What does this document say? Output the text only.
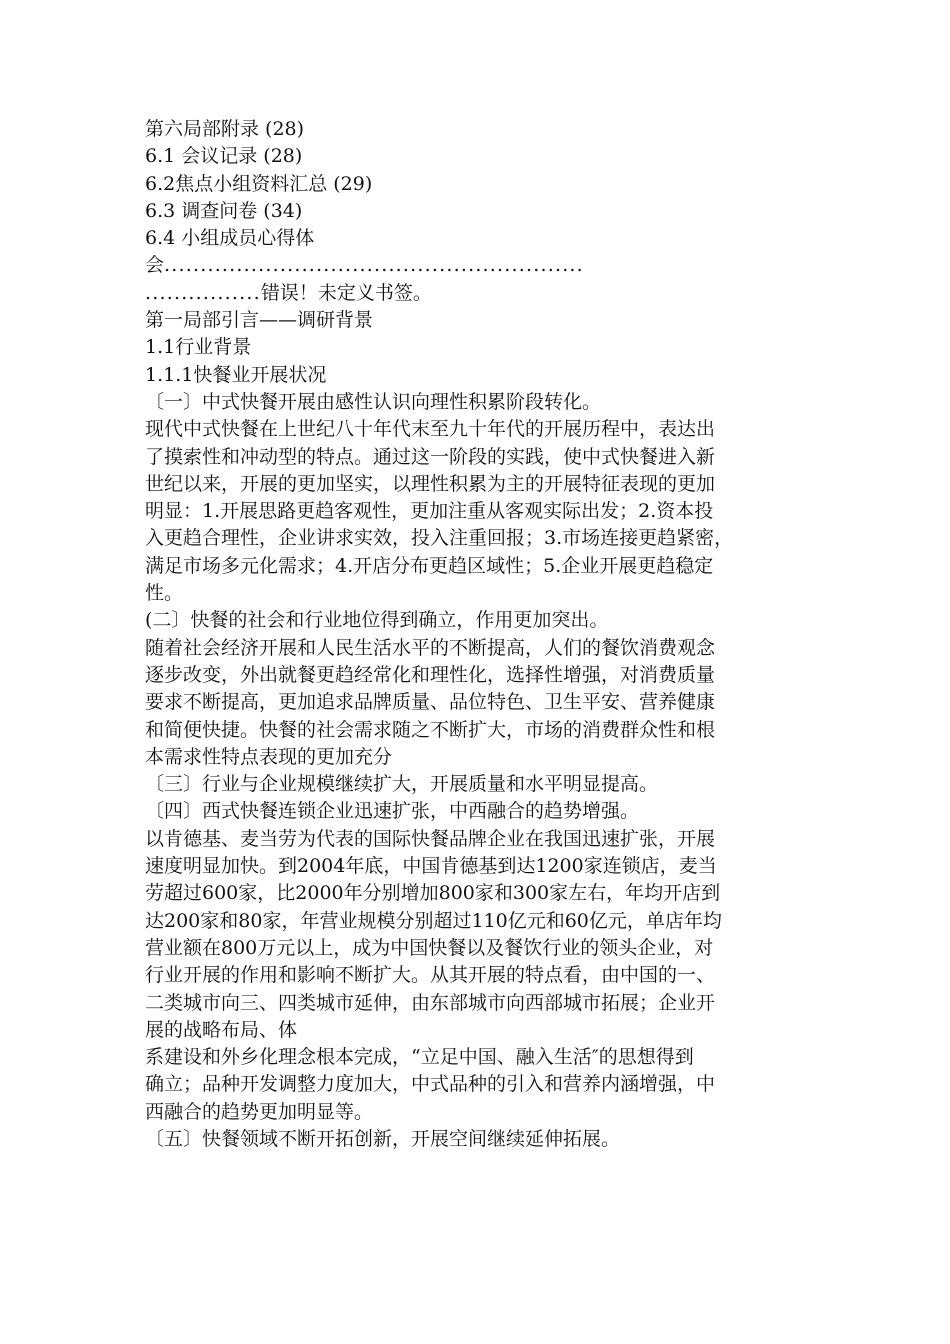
第六局部附录 (28)
6.1 会议记录 (28)
6.2焦点小组资料汇总 (29)
6.3 调查问卷 (34)
6.4 小组成员心得体
会..........................................................
................错误！未定义书签。
第一局部引言——调研背景
1.1行业背景
1.1.1快餐业开展状况
〔一〕中式快餐开展由感性认识向理性积累阶段转化。
现代中式快餐在上世纪八十年代末至九十年代的开展历程中，表达出
了摸索性和冲动型的特点。通过这一阶段的实践，使中式快餐进入新
世纪以来，开展的更加坚实，以理性积累为主的开展特征表现的更加
明显：1.开展思路更趋客观性，更加注重从客观实际出发；2.资本投
入更趋合理性，企业讲求实效，投入注重回报；3.市场连接更趋紧密，
满足市场多元化需求；4.开店分布更趋区域性；5.企业开展更趋稳定
性。
(二〕快餐的社会和行业地位得到确立，作用更加突出。
随着社会经济开展和人民生活水平的不断提高，人们的餐饮消费观念
逐步改变，外出就餐更趋经常化和理性化，选择性增强，对消费质量
要求不断提高，更加追求品牌质量、品位特色、卫生平安、营养健康
和简便快捷。快餐的社会需求随之不断扩大，市场的消费群众性和根
本需求性特点表现的更加充分
〔三〕行业与企业规模继续扩大，开展质量和水平明显提高。
〔四〕西式快餐连锁企业迅速扩张，中西融合的趋势增强。
以肯德基、麦当劳为代表的国际快餐品牌企业在我国迅速扩张，开展
速度明显加快。到2004年底，中国肯德基到达1200家连锁店，麦当
劳超过600家，比2000年分别增加800家和300家左右，年均开店到
达200家和80家，年营业规模分别超过110亿元和60亿元，单店年均
营业额在800万元以上，成为中国快餐以及餐饮行业的领头企业，对
行业开展的作用和影响不断扩大。从其开展的特点看，由中国的一、
二类城市向三、四类城市延伸，由东部城市向西部城市拓展；企业开
展的战略布局、体
系建设和外乡化理念根本完成，“立足中国、融入生活″的思想得到
确立；品种开发调整力度加大，中式品种的引入和营养内涵增强，中
西融合的趋势更加明显等。
〔五〕快餐领域不断开拓创新，开展空间继续延伸拓展。
